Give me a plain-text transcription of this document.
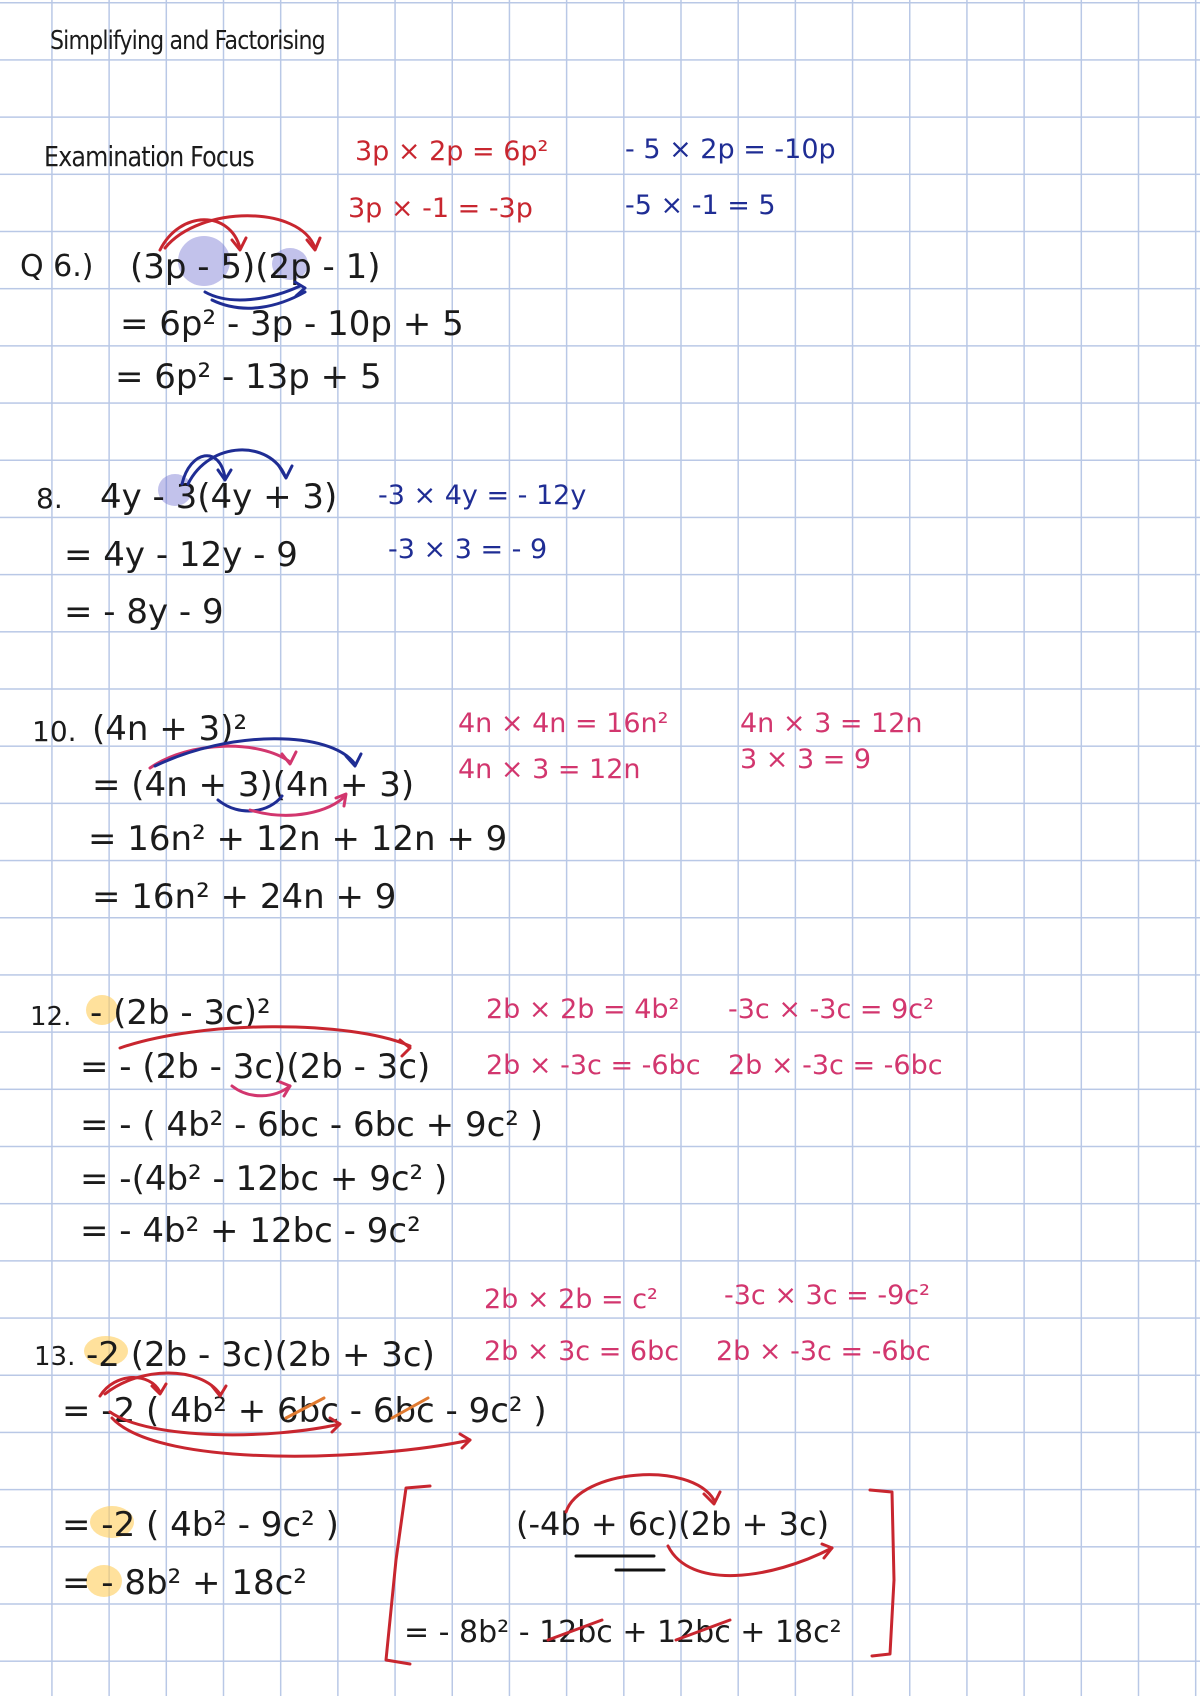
Simplifying and Factorising
Examination Focus	3p × 2p = 6p²
3p × -1 = -3p
- 5 × 2p = -10p
-5 × -1 = 5
Q 6.) (3p - 5)(2p - 1)
= 6p² - 3p - 10p + 5
= 6p² - 13p + 5
8. 4y - 3(4y + 3)
= 4y - 12y - 9
= - 8y - 9
-3 × 4y = - 12y
-3 × 3 = - 9
10. (4n + 3)²
= (4n + 3)(4n + 3)
= 16n² + 12n + 12n + 9
= 16n² + 24n + 9
4n × 4n = 16n²
4n × 3 = 12n
4n × 3 = 12n
3 × 3 = 9
12. - (2b - 3c)²
= - (2b - 3c)(2b - 3c)
= - ( 4b² - 6bc - 6bc + 9c² )
= -(4b² - 12bc + 9c² )
= - 4b² + 12bc - 9c²
2b × 2b = 4b²
2b × -3c = -6bc
-3c × -3c = 9c²
2b × -3c = -6bc
13. -2 (2b - 3c)(2b + 3c)
= -2 ( 4b² + 6bc - 6bc - 9c² )
= -2 ( 4b² - 9c² )
= - 8b² + 18c²
2b × 2b = c²
2b × 3c = 6bc
-3c × 3c = -9c²
2b × -3c = -6bc
(-4b + 6c)(2b + 3c)
= - 8b² - 12bc + 12bc + 18c²
